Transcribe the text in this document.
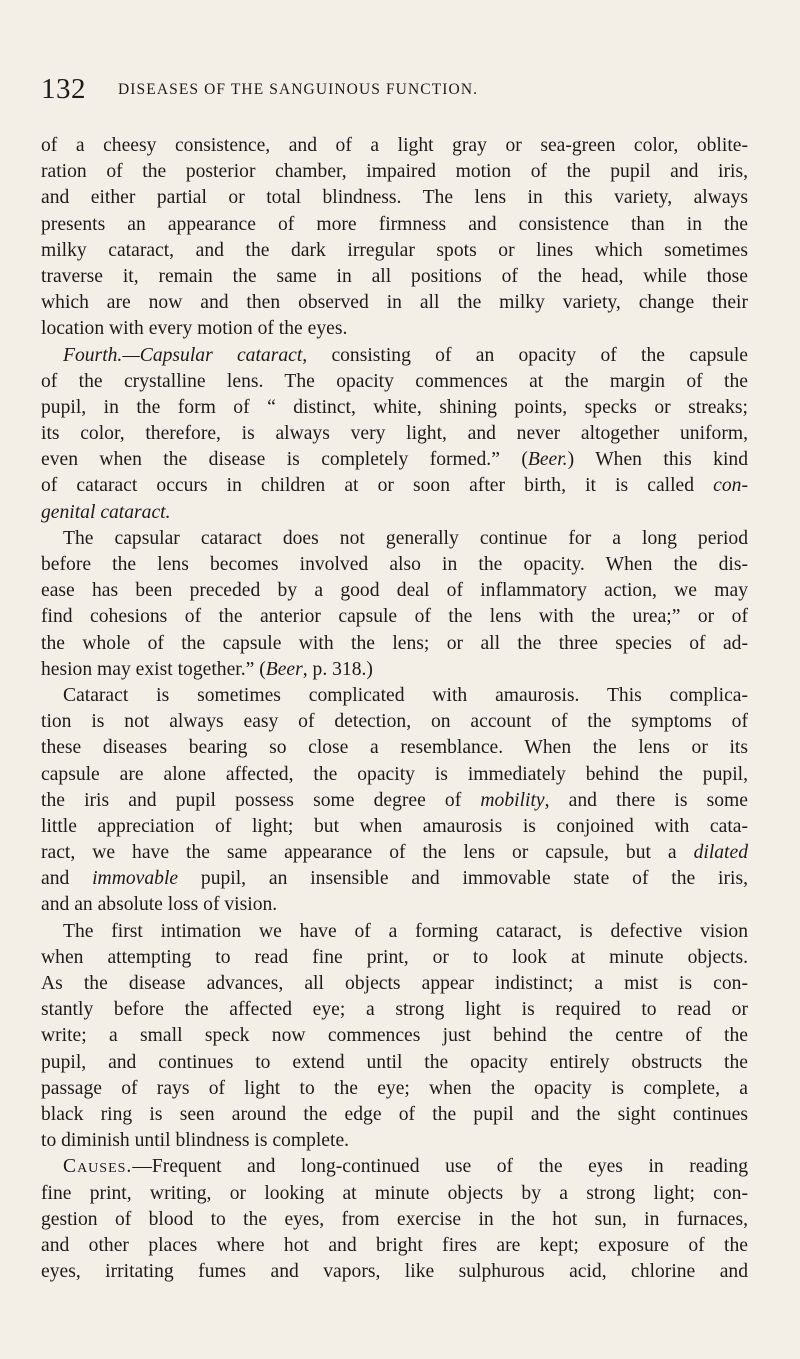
132 DISEASES OF THE SANGUINOUS FUNCTION.
of a cheesy consistence, and of a light gray or sea-green color, oblite-
ration of the posterior chamber, impaired motion of the pupil and iris,
and either partial or total blindness. The lens in this variety, always
presents an appearance of more firmness and consistence than in the
milky cataract, and the dark irregular spots or lines which sometimes
traverse it, remain the same in all positions of the head, while those
which are now and then observed in all the milky variety, change their
location with every motion of the eyes.
Fourth.—Capsular cataract, consisting of an opacity of the capsule
of the crystalline lens. The opacity commences at the margin of the
pupil, in the form of “ distinct, white, shining points, specks or streaks;
its color, therefore, is always very light, and never altogether uniform,
even when the disease is completely formed.” (Beer.) When this kind
of cataract occurs in children at or soon after birth, it is called con-
genital cataract.
The capsular cataract does not generally continue for a long period
before the lens becomes involved also in the opacity. When the dis-
ease has been preceded by a good deal of inflammatory action, we may
find cohesions of the anterior capsule of the lens with the urea;” or of
the whole of the capsule with the lens; or all the three species of ad-
hesion may exist together.” (Beer, p. 318.)
Cataract is sometimes complicated with amaurosis. This complica-
tion is not always easy of detection, on account of the symptoms of
these diseases bearing so close a resemblance. When the lens or its
capsule are alone affected, the opacity is immediately behind the pupil,
the iris and pupil possess some degree of mobility, and there is some
little appreciation of light; but when amaurosis is conjoined with cata-
ract, we have the same appearance of the lens or capsule, but a dilated
and immovable pupil, an insensible and immovable state of the iris,
and an absolute loss of vision.
The first intimation we have of a forming cataract, is defective vision
when attempting to read fine print, or to look at minute objects.
As the disease advances, all objects appear indistinct; a mist is con-
stantly before the affected eye; a strong light is required to read or
write; a small speck now commences just behind the centre of the
pupil, and continues to extend until the opacity entirely obstructs the
passage of rays of light to the eye; when the opacity is complete, a
black ring is seen around the edge of the pupil and the sight continues
to diminish until blindness is complete.
Causes.—Frequent and long-continued use of the eyes in reading
fine print, writing, or looking at minute objects by a strong light; con-
gestion of blood to the eyes, from exercise in the hot sun, in furnaces,
and other places where hot and bright fires are kept; exposure of the
eyes, irritating fumes and vapors, like sulphurous acid, chlorine and
